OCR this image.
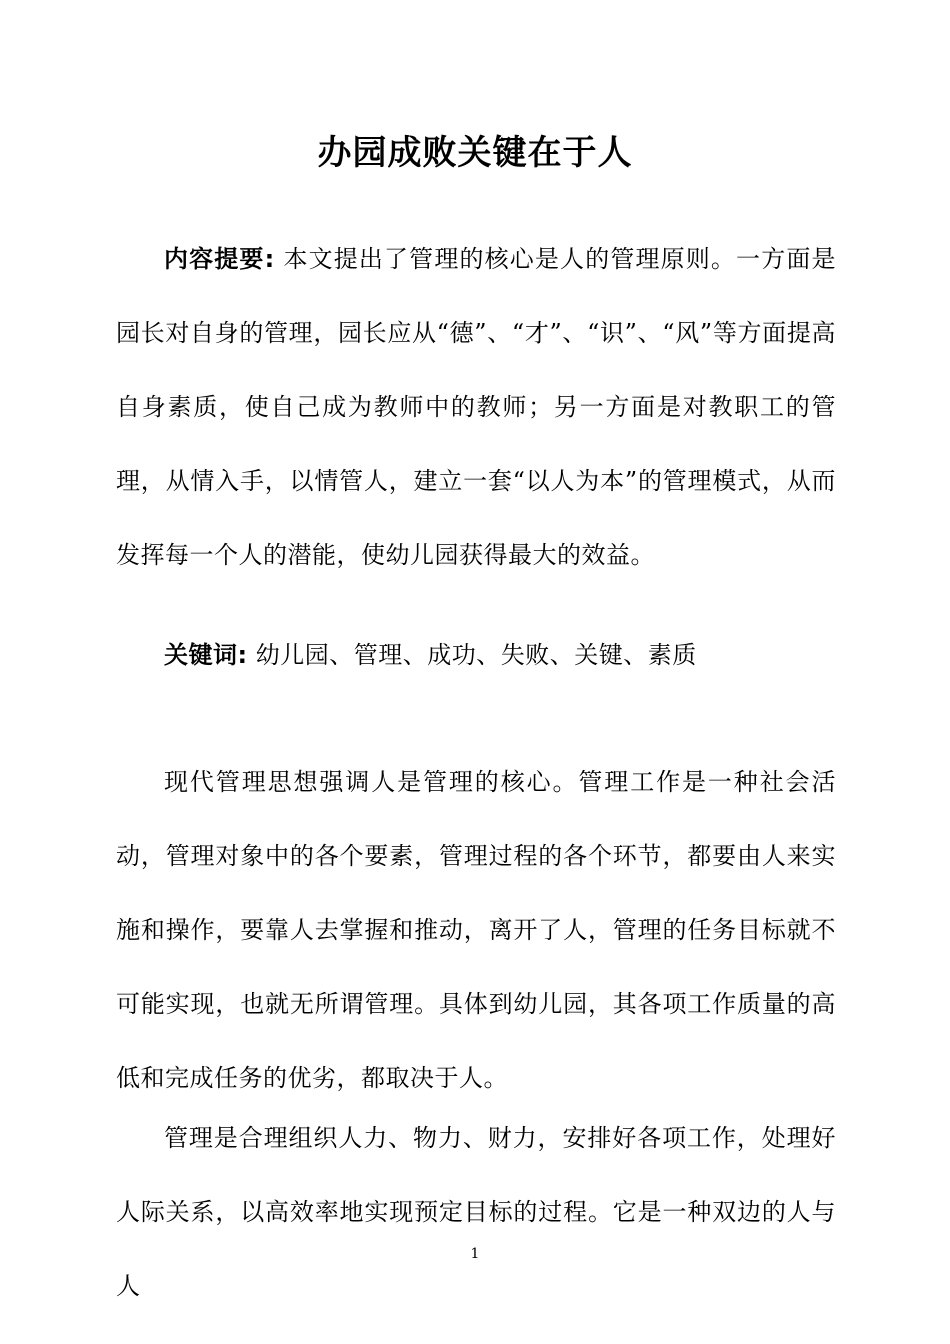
办园成败关键在于人

内容提要: 本文提出了管理的核心是人的管理原则。一方面是园长对自身的管理，园长应从“德”、“才”、“识”、“风”等方面提高自身素质，使自己成为教师中的教师；另一方面是对教职工的管理，从情入手，以情管人，建立一套“以人为本”的管理模式，从而发挥每一个人的潜能，使幼儿园获得最大的效益。

关键词: 幼儿园、管理、成功、失败、关键、素质

现代管理思想强调人是管理的核心。管理工作是一种社会活动，管理对象中的各个要素，管理过程的各个环节，都要由人来实施和操作，要靠人去掌握和推动，离开了人，管理的任务目标就不可能实现，也就无所谓管理。具体到幼儿园，其各项工作质量的高低和完成任务的优劣，都取决于人。

管理是合理组织人力、物力、财力，安排好各项工作，处理好人际关系，以高效率地实现预定目标的过程。它是一种双边的人与人

1
